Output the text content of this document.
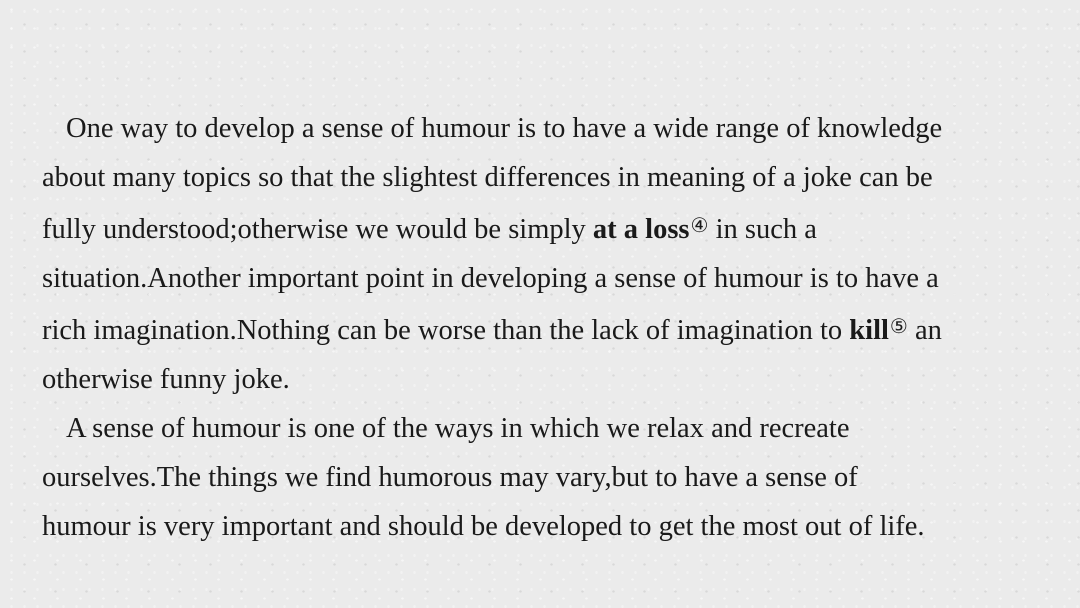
One way to develop a sense of humour is to have a wide range of knowledge
about many topics so that the slightest differences in meaning of a joke can be
fully understood;otherwise we would be simply at a loss④ in such a
situation.Another important point in developing a sense of humour is to have a
rich imagination.Nothing can be worse than the lack of imagination to kill⑤ an
otherwise funny joke.

A sense of humour is one of the ways in which we relax and recreate
ourselves.The things we find humorous may vary,but to have a sense of
humour is very important and should be developed to get the most out of life.
